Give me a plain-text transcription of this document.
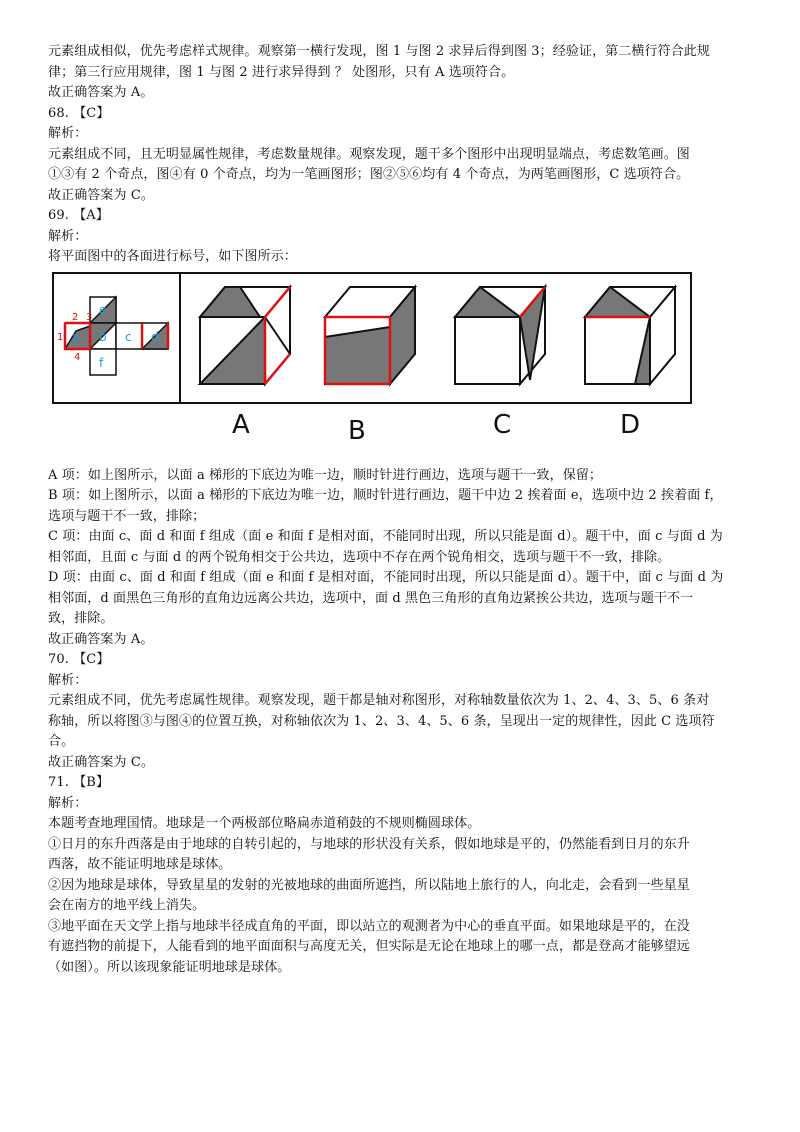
元素组成相似，优先考虑样式规律。观察第一横行发现，图 1 与图 2 求异后得到图 3；经验证，第二横行符合此规
律；第三行应用规律，图 1 与图 2 进行求异得到 ？ 处图形，只有 A 选项符合。
故正确答案为 A。
68. 【C】
解析：
元素组成不同，且无明显属性规律，考虑数量规律。观察发现，题干多个图形中出现明显端点，考虑数笔画。图
①③有 2 个奇点，图④有 0 个奇点，均为一笔画图形；图②⑤⑥均有 4 个奇点，为两笔画图形，C 选项符合。
故正确答案为 C。
69. 【A】
解析：
将平面图中的各面进行标号，如下图所示：
a b c d
e
f
1
2 3
4
A	B	C	D
A 项：如上图所示，以面 a 梯形的下底边为唯一边，顺时针进行画边，选项与题干一致，保留；
B 项：如上图所示，以面 a 梯形的下底边为唯一边，顺时针进行画边，题干中边 2 挨着面 e，选项中边 2 挨着面 f，
选项与题干不一致，排除；
C 项：由面 c、面 d 和面 f 组成（面 e 和面 f 是相对面，不能同时出现，所以只能是面 d）。题干中，面 c 与面 d 为
相邻面，且面 c 与面 d 的两个锐角相交于公共边，选项中不存在两个锐角相交，选项与题干不一致，排除。
D 项：由面 c、面 d 和面 f 组成（面 e 和面 f 是相对面，不能同时出现，所以只能是面 d）。题干中，面 c 与面 d 为
相邻面，d 面黑色三角形的直角边远离公共边，选项中，面 d 黑色三角形的直角边紧挨公共边，选项与题干不一
致，排除。
故正确答案为 A。
70. 【C】
解析：
元素组成不同，优先考虑属性规律。观察发现，题干都是轴对称图形，对称轴数量依次为 1、2、4、3、5、6 条对
称轴，所以将图③与图④的位置互换，对称轴依次为 1、2、3、4、5、6 条，呈现出一定的规律性，因此 C 选项符
合。
故正确答案为 C。
71. 【B】
解析：
本题考查地理国情。地球是一个两极部位略扁赤道稍鼓的不规则椭圆球体。
①日月的东升西落是由于地球的自转引起的，与地球的形状没有关系，假如地球是平的，仍然能看到日月的东升
西落，故不能证明地球是球体。
②因为地球是球体，导致星星的发射的光被地球的曲面所遮挡，所以陆地上旅行的人，向北走，会看到一些星星
会在南方的地平线上消失。
③地平面在天文学上指与地球半径成直角的平面，即以站立的观测者为中心的垂直平面。如果地球是平的，在没
有遮挡物的前提下，人能看到的地平面面积与高度无关，但实际是无论在地球上的哪一点，都是登高才能够望远
（如图）。所以该现象能证明地球是球体。
